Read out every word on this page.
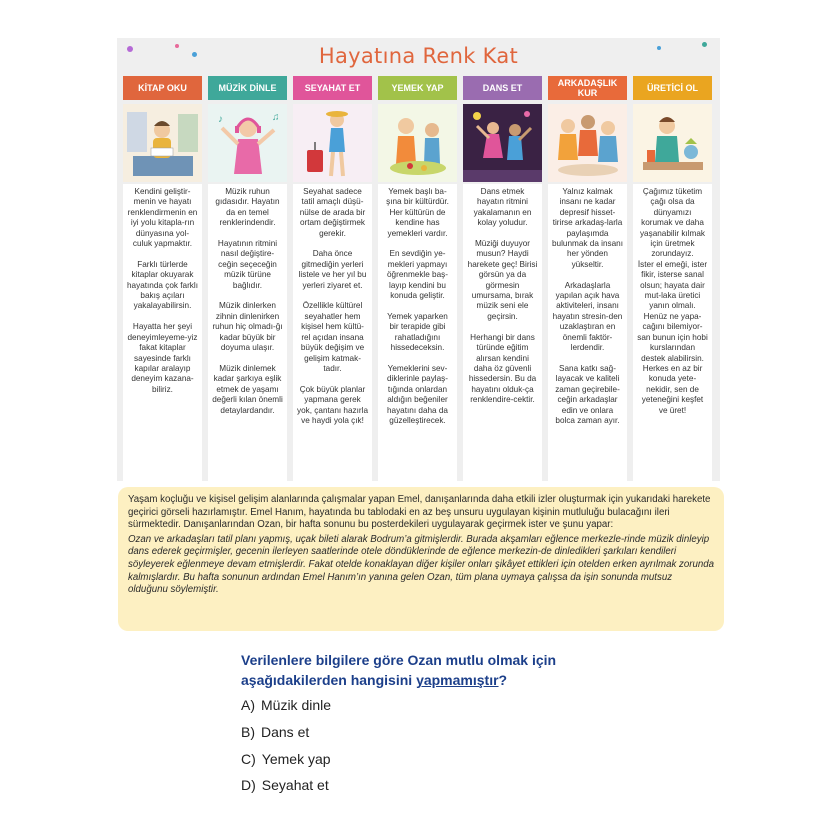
Hayatına Renk Kat
KİTAP OKU
Kendini geliştir-
menin ve hayatı renklendirmenin en iyi yolu kitapla-rın dünyasına yol-culuk yapmaktır.

Farklı türlerde kitaplar okuyarak hayatında çok farklı bakış açıları yakalayabilirsin.

Hayatta her şeyi deneyimleyeme-yiz fakat kitaplar sayesinde farklı kapılar aralayıp deneyim kazana-biliriz.
MÜZİK DİNLE
♪	♫
Müzik ruhun gıdasıdır. Hayatın da en temel renklerindendir.

Hayatının ritmini nasıl değiştire-ceğin seçeceğin müzik türüne bağlıdır.

Müzik dinlerken zihnin dinlenirken ruhun hiç olmadı-ğı kadar büyük bir doyuma ulaşır.

Müzik dinlemek kadar şarkıya eşlik etmek de yaşamı değerli kılan önemli detaylardandır.
SEYAHAT ET
Seyahat sadece tatil amaçlı düşü-nülse de arada bir ortam değiştirmek gerekir.

Daha önce gitmediğin yerleri listele ve her yıl bu yerleri ziyaret et.

Özellikle kültürel seyahatler hem kişisel hem kültü-rel açıdan insana büyük değişim ve gelişim katmak-tadır.

Çok büyük planlar yapmana gerek yok, çantanı hazırla ve haydi yola çık!
YEMEK YAP
Yemek başlı ba-şına bir kültürdür. Her kültürün de kendine has yemekleri vardır.

En sevdiğin ye-mekleri yapmayı öğrenmekle baş-layıp kendini bu konuda geliştir.

Yemek yaparken bir terapide gibi rahatladığını hissedeceksin.

Yemeklerini sev-diklerinle paylaş-tığında onlardan aldığın beğeniler hayatını daha da güzelleştirecek.
DANS ET
Dans etmek hayatın ritmini yakalamanın en kolay yoludur.

Müziği duyuyor musun? Haydi harekete geç! Birisi görsün ya da görmesin umursama, bırak müzik seni ele geçirsin.

Herhangi bir dans türünde eğitim alırsan kendini daha öz güvenli hissedersin. Bu da hayatını olduk-ça renklendire-cektir.
ARKADAŞLIK KUR
Yalnız kalmak insanı ne kadar depresif hisset-tirirse arkadaş-larla paylaşımda bulunmak da insanı her yönden yükseltir.

Arkadaşlarla yapılan açık hava aktiviteleri, insanı hayatın stresin-den uzaklaştıran en önemli faktör-lerdendir.

Sana katkı sağ-layacak ve kaliteli zaman geçirebile-ceğin arkadaşlar edin ve onlara bolca zaman ayır.
ÜRETİCİ OL
Çağımız tüketim çağı olsa da dünyamızı korumak ve daha yaşanabilir kılmak için üretmek zorundayız.
İster el emeği, ister fikir, isterse sanal olsun; hayata dair mut-laka üretici yanın olmalı.
Henüz ne yapa-cağını bilemiyor-san bunun için hobi kurslarından destek alabilirsin. Herkes en az bir konuda yete-nekidir, sen de yeteneğini keşfet ve üret!

Yaşam koçluğu ve kişisel gelişim alanlarında çalışmalar yapan Emel, danışanlarında daha etkili izler oluşturmak için yukarıdaki harekete geçirici görseli hazırlamıştır. Emel Hanım, hayatında bu tablodaki en az beş unsuru uygulayan kişinin mutluluğu bulacağını ileri sürmektedir. Danışanlarından Ozan, bir hafta sonunu bu posterdekileri uygulayarak geçirmek ister ve şunu yapar:

Ozan ve arkadaşları tatil planı yapmış, uçak bileti alarak Bodrum’a gitmişlerdir. Burada akşamları eğlence merkezle-rinde müzik dinleyip dans ederek geçirmişler, gecenin ilerleyen saatlerinde otele döndüklerinde de eğlence merkezin-de dinledikleri şarkıları kendileri söyleyerek eğlenmeye devam etmişlerdir. Fakat otelde konaklayan diğer kişiler onları şikâyet ettikleri için otelden erken ayrılmak zorunda kalmışlardır. Bu hafta sonunun ardından Emel Hanım’ın yanına gelen Ozan, tüm plana uymaya çalışsa da işin sonunda mutsuz olduğunu söylemiştir.

Verilenlere bilgilere göre Ozan mutlu olmak için aşağıdakilerden hangisini yapmamıştır?
A) Müzik dinle
B) Dans et
C) Yemek yap
D) Seyahat et
